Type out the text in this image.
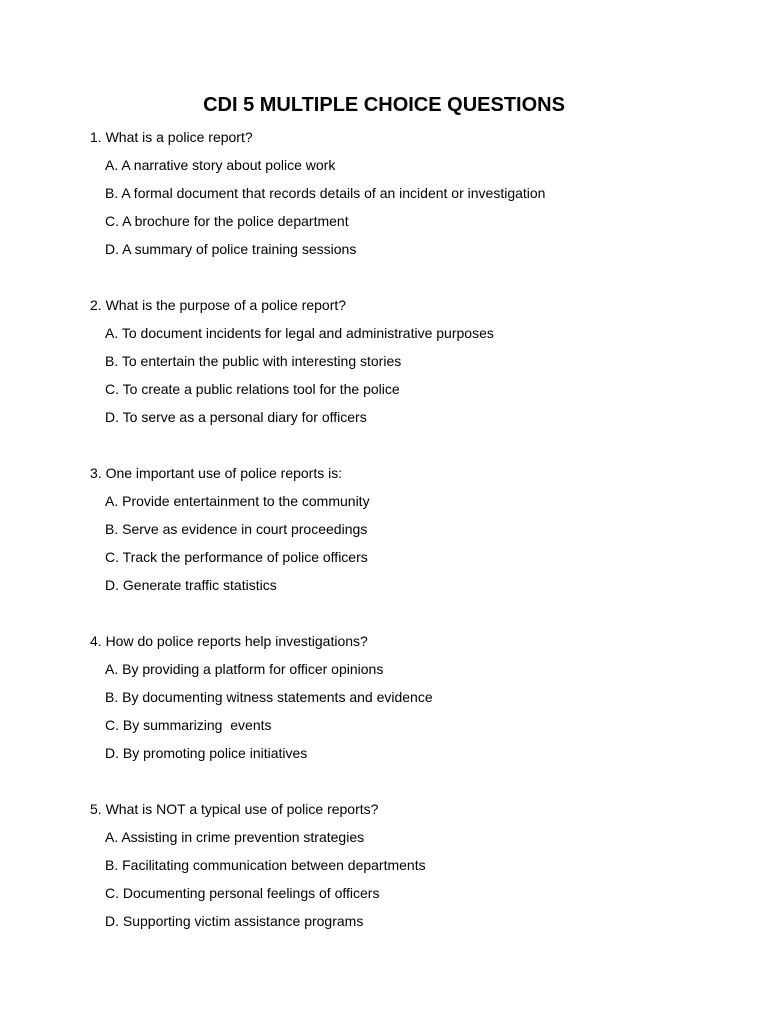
CDI 5 MULTIPLE CHOICE QUESTIONS

1. What is a police report?

A. A narrative story about police work

B. A formal document that records details of an incident or investigation

C. A brochure for the police department

D. A summary of police training sessions

2. What is the purpose of a police report?

A. To document incidents for legal and administrative purposes

B. To entertain the public with interesting stories

C. To create a public relations tool for the police

D. To serve as a personal diary for officers

3. One important use of police reports is:

A. Provide entertainment to the community

B. Serve as evidence in court proceedings

C. Track the performance of police officers

D. Generate traffic statistics

4. How do police reports help investigations?

A. By providing a platform for officer opinions

B. By documenting witness statements and evidence

C. By summarizing  events

D. By promoting police initiatives

5. What is NOT a typical use of police reports?

A. Assisting in crime prevention strategies

B. Facilitating communication between departments

C. Documenting personal feelings of officers

D. Supporting victim assistance programs
